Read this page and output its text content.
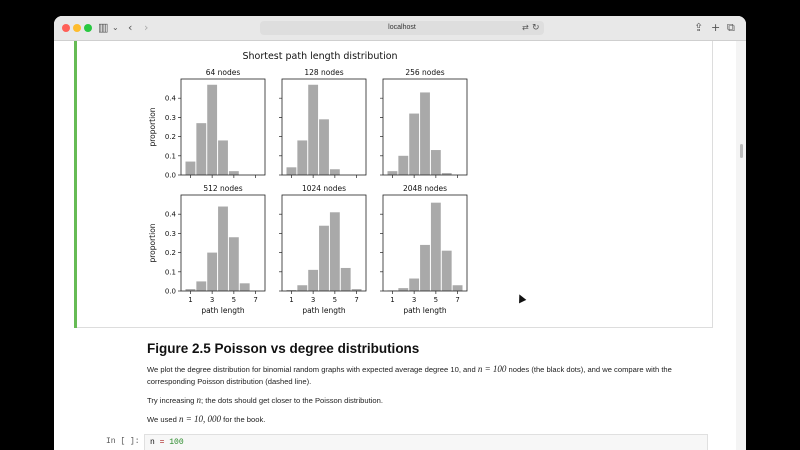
▥ ⌄ ‹ ›	localhost	⇄ ↻	⇪ + ⧉
Shortest path length distribution
64 nodes
0.0
0.1
0.2
0.3
0.4
proportion
128 nodes	256 nodes
512 nodes
0.0
0.1
0.2
0.3
0.4
1 3 5 7
path length
proportion
1024 nodes
1 3 5 7
path length
2048 nodes
1 3 5 7
path length
Figure 2.5 Poisson vs degree distributions

We plot the degree distribution for binomial random graphs with expected average degree 10, and n = 100 nodes (the black dots), and we compare with the corresponding Poisson distribution (dashed line).

Try increasing n; the dots should get closer to the Poisson distribution.

We used n = 10, 000 for the book.

In [ ]: n = 100
